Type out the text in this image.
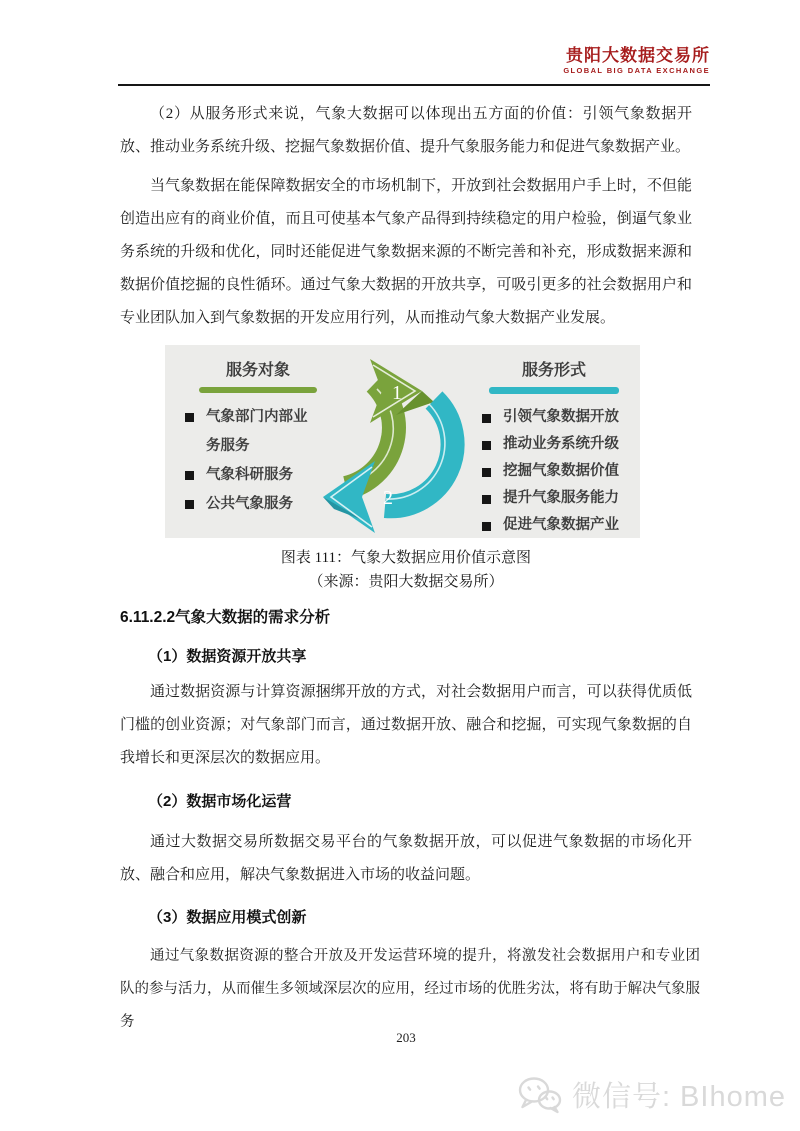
贵阳大数据交易所
GLOBAL BIG DATA EXCHANGE
（2）从服务形式来说，气象大数据可以体现出五方面的价值：引领气象数据开放、推动业务系统升级、挖掘气象数据价值、提升气象服务能力和促进气象数据产业。
当气象数据在能保障数据安全的市场机制下，开放到社会数据用户手上时，不但能创造出应有的商业价值，而且可使基本气象产品得到持续稳定的用户检验，倒逼气象业务系统的升级和优化，同时还能促进气象数据来源的不断完善和补充，形成数据来源和数据价值挖掘的良性循环。通过气象大数据的开放共享，可吸引更多的社会数据用户和专业团队加入到气象数据的开发应用行列，从而推动气象大数据产业发展。
服务对象
气象部门内部业务服务
气象科研服务
公共气象服务
1
2
服务形式
引领气象数据开放
推动业务系统升级
挖掘气象数据价值
提升气象服务能力
促进气象数据产业
图表 111：气象大数据应用价值示意图
（来源：贵阳大数据交易所）
6.11.2.2气象大数据的需求分析
（1）数据资源开放共享
通过数据资源与计算资源捆绑开放的方式，对社会数据用户而言，可以获得优质低门槛的创业资源；对气象部门而言，通过数据开放、融合和挖掘，可实现气象数据的自我增长和更深层次的数据应用。
（2）数据市场化运营
通过大数据交易所数据交易平台的气象数据开放，可以促进气象数据的市场化开放、融合和应用，解决气象数据进入市场的收益问题。
（3）数据应用模式创新
通过气象数据资源的整合开放及开发运营环境的提升，将激发社会数据用户和专业团队的参与活力，从而催生多领域深层次的应用，经过市场的优胜劣汰，将有助于解决气象服务
203
微信号: BIhome
